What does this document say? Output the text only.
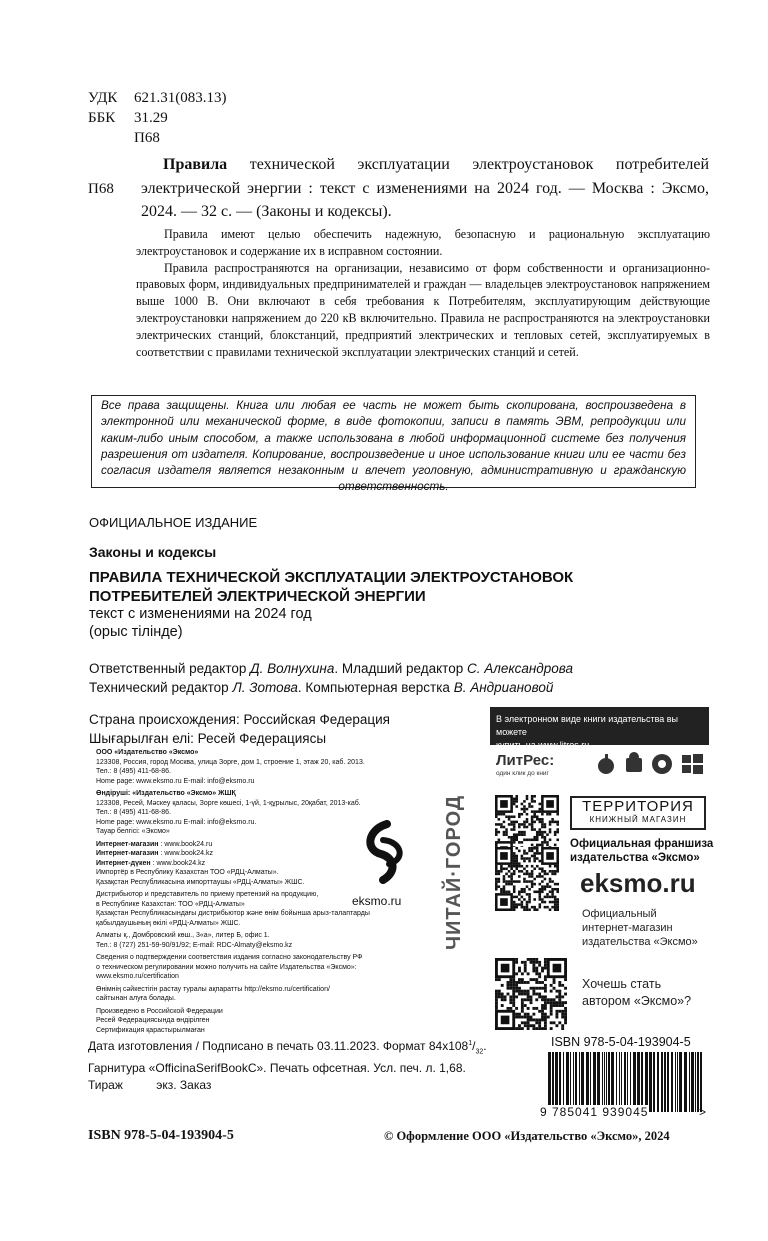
УДК 621.31(083.13)
ББК 31.29
П68
П68
Правила технической эксплуатации электроустановок потребителей электрической энергии : текст с изменениями на 2024 год. — Москва : Эксмо, 2024. — 32 с. — (Законы и кодексы).

Правила имеют целью обеспечить надежную, безопасную и рациональную эксплуатацию электроустановок и содержание их в исправном состоянии.

Правила распространяются на организации, независимо от форм собственности и организационно-правовых форм, индивидуальных предпринимателей и граждан — владельцев электроустановок напряжением выше 1000 В. Они включают в себя требования к Потребителям, эксплуатирующим действующие электроустановки напряжением до 220 кВ включительно. Правила не распространяются на электроустановки электрических станций, блокстанций, предприятий электрических и тепловых сетей, эксплуатируемых в соответствии с правилами технической эксплуатации электрических станций и сетей.

Все права защищены. Книга или любая ее часть не может быть скопирована, воспроизведена в электронной или механической форме, в виде фотокопии, записи в память ЭВМ, репродукции или каким-либо иным способом, а также использована в любой информационной системе без получения разрешения от издателя. Копирование, воспроизведение и иное использование книги или ее части без согласия издателя является незаконным и влечет уголовную, административную и гражданскую ответственность.
ОФИЦИАЛЬНОЕ ИЗДАНИЕ
Законы и кодексы
ПРАВИЛА ТЕХНИЧЕСКОЙ ЭКСПЛУАТАЦИИ ЭЛЕКТРОУСТАНОВОК
ПОТРЕБИТЕЛЕЙ ЭЛЕКТРИЧЕСКОЙ ЭНЕРГИИ
текст с изменениями на 2024 год
(орыс тілінде)
Ответственный редактор Д. Волнухина. Младший редактор С. Александрова
Технический редактор Л. Зотова. Компьютерная верстка В. Андриановой
Страна происхождения: Российская Федерация
Шығарылған елі: Ресей Федерациясы
ООО «Издательство «Эксмо»
123308, Россия, город Москва, улица Зорге, дом 1, строение 1, этаж 20, каб. 2013.
Тел.: 8 (495) 411-68-86.
Home page: www.eksmo.ru E-mail: info@eksmo.ru
Өндіруші: «Издательство «Эксмо» ЖШҚ
123308, Ресей, Мәскеу қаласы, Зорге көшесі, 1-үй, 1-құрылыс, 20қабат, 2013-каб.
Тел.: 8 (495) 411-68-86.
Home page: www.eksmo.ru E-mail: info@eksmo.ru.
Тауар белгісі: «Эксмо»
Интернет-магазин : www.book24.ru
Интернет-магазин : www.book24.kz
Интернет-дүкен : www.book24.kz
Импортёр в Республику Казахстан ТОО «РДЦ-Алматы».
Қазақстан Республикасына импорттаушы «РДЦ-Алматы» ЖШС.
Дистрибьютор и представитель по приему претензий на продукцию,
в Республике Казахстан: ТОО «РДЦ-Алматы»
Қазақстан Республикасындағы дистрибьютор және өнім бойынша арыз-талаптарды
қабылдаушының өкілі «РДЦ-Алматы» ЖШС.
Алматы қ., Домбровский көш., 3«а», литер Б, офис 1.
Тел.: 8 (727) 251-59-90/91/92; E-mail: RDC-Almaty@eksmo.kz
Сведения о подтверждении соответствия издания согласно законодательству РФ
о техническом регулировании можно получить на сайте Издательства «Эксмо»:
www.eksmo.ru/certification
Өнімнің сәйкестігін растау туралы ақпаратты http://eksmo.ru/certification/
сайтынан алуға болады.
Произведено в Российской Федерации
Ресей Федерациясында өндірілген
Сертификация қарастырылмаған
eksmo.ru ЧИТАЙ·ГОРОД
В электронном виде книги издательства вы можете
купить на www.litres.ru
ЛитРес:
один клик до книг
ТЕРРИТОРИЯ
КНИЖНЫЙ МАГАЗИН
Официальная франшиза
издательства «Эксмо»
eksmo.ru
Официальный
интернет-магазин
издательства «Эксмо»
Хочешь стать
автором «Эксмо»?
Дата изготовления / Подписано в печать 03.11.2023. Формат $84x108^1/_{32}$.
Гарнитура «OfficinaSerifBookC». Печать офсетная. Усл. печ. л. 1,68.
Тираж	экз. Заказ
ISBN 978-5-04-193904-5
9 785041 939045	>
ISBN 978-5-04-193904-5	© Оформление ООО «Издательство «Эксмо», 2024
